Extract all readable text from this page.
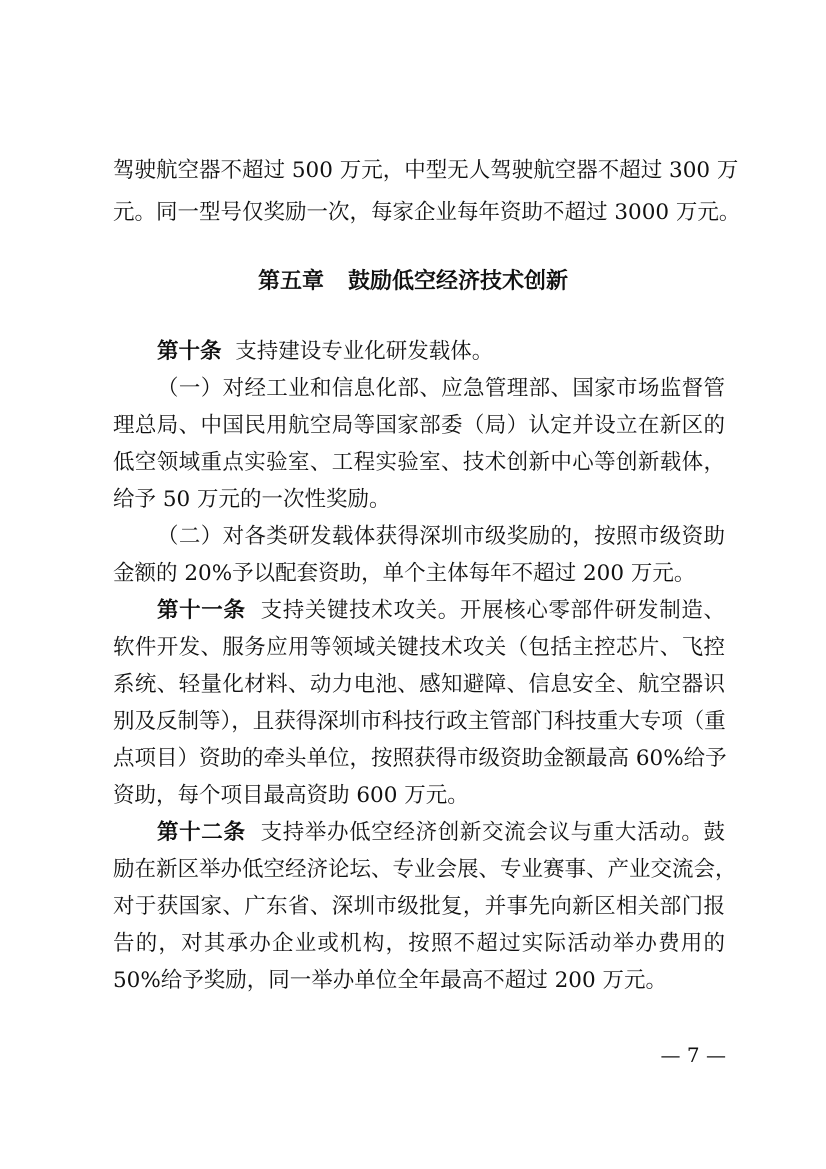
驾驶航空器不超过 500 万元，中型无人驾驶航空器不超过 300 万
元。同一型号仅奖励一次，每家企业每年资助不超过 3000 万元。
第五章 鼓励低空经济技术创新
第十条 支持建设专业化研发载体。
（一）对经工业和信息化部、应急管理部、国家市场监督管
理总局、中国民用航空局等国家部委（局）认定并设立在新区的
低空领域重点实验室、工程实验室、技术创新中心等创新载体，
给予 50 万元的一次性奖励。
（二）对各类研发载体获得深圳市级奖励的，按照市级资助
金额的 20%予以配套资助，单个主体每年不超过 200 万元。
第十一条 支持关键技术攻关。开展核心零部件研发制造、
软件开发、服务应用等领域关键技术攻关（包括主控芯片、飞控
系统、轻量化材料、动力电池、感知避障、信息安全、航空器识
别及反制等），且获得深圳市科技行政主管部门科技重大专项（重
点项目）资助的牵头单位，按照获得市级资助金额最高 60%给予
资助，每个项目最高资助 600 万元。
第十二条 支持举办低空经济创新交流会议与重大活动。鼓
励在新区举办低空经济论坛、专业会展、专业赛事、产业交流会，
对于获国家、广东省、深圳市级批复，并事先向新区相关部门报
告的，对其承办企业或机构，按照不超过实际活动举办费用的
50%给予奖励，同一举办单位全年最高不超过 200 万元。
— 7 —
